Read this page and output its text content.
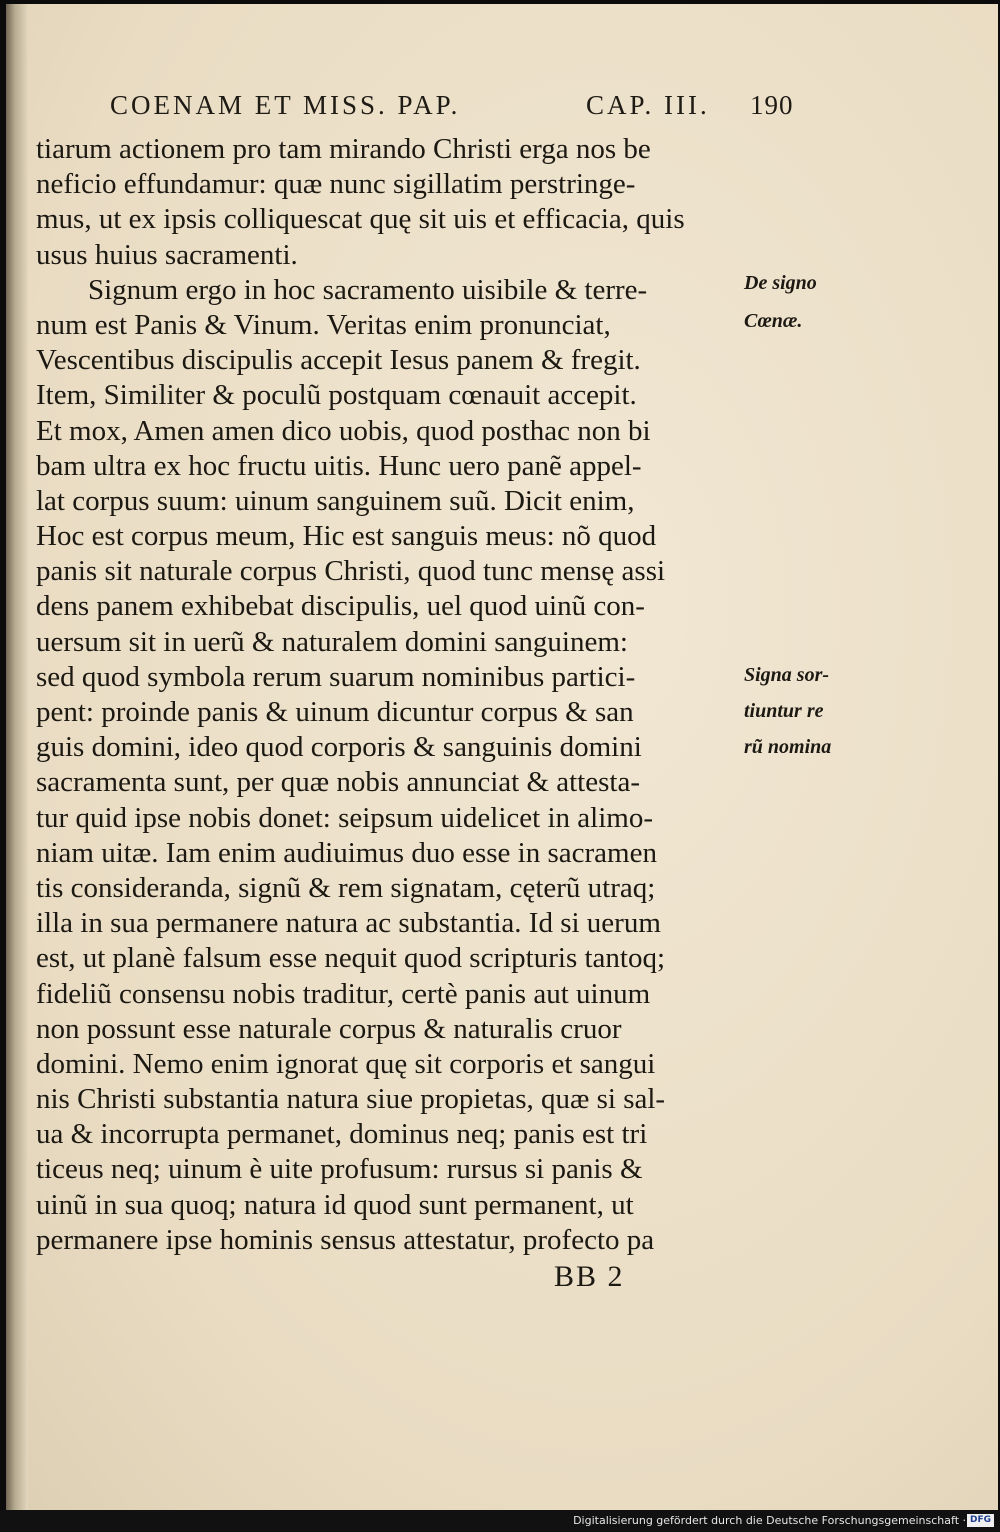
COENAM ET MISS. PAP.	CAP. III. 190
tiarum actionem pro tam mirando Christi erga nos be
neficio effundamur: quæ nunc sigillatim perstringe-
mus, ut ex ipsis colliquescat quę sit uis et efficacia, quis
usus huius sacramenti.
Signum ergo in hoc sacramento uisibile & terre-
num est Panis & Vinum. Veritas enim pronunciat,
Vescentibus discipulis accepit Iesus panem & fregit.
Item, Similiter & poculũ postquam cœnauit accepit.
Et mox, Amen amen dico uobis, quod posthac non bi
bam ultra ex hoc fructu uitis. Hunc uero panẽ appel-
lat corpus suum: uinum sanguinem suũ. Dicit enim,
Hoc est corpus meum, Hic est sanguis meus: nõ quod
panis sit naturale corpus Christi, quod tunc mensę assi
dens panem exhibebat discipulis, uel quod uinũ con-
uersum sit in uerũ & naturalem domini sanguinem:
sed quod symbola rerum suarum nominibus partici-
pent: proinde panis & uinum dicuntur corpus & san
guis domini, ideo quod corporis & sanguinis domini
sacramenta sunt, per quæ nobis annunciat & attesta-
tur quid ipse nobis donet: seipsum uidelicet in alimo-
niam uitæ. Iam enim audiuimus duo esse in sacramen
tis consideranda, signũ & rem signatam, cęterũ utraq;
illa in sua permanere natura ac substantia. Id si uerum
est, ut planè falsum esse nequit quod scripturis tantoq;
fideliũ consensu nobis traditur, certè panis aut uinum
non possunt esse naturale corpus & naturalis cruor
domini. Nemo enim ignorat quę sit corporis et sangui
nis Christi substantia natura siue propietas, quæ si sal-
ua & incorrupta permanet, dominus neq; panis est tri
ticeus neq; uinum è uite profusum: rursus si panis &
uinũ in sua quoq; natura id quod sunt permanent, ut
permanere ipse hominis sensus attestatur, profecto pa
De signo
Cœnæ.
Signa sor-
tiuntur re
rũ nomina
BB 2
Digitalisierung gefördert durch die Deutsche Forschungsgemeinschaft · DFG
